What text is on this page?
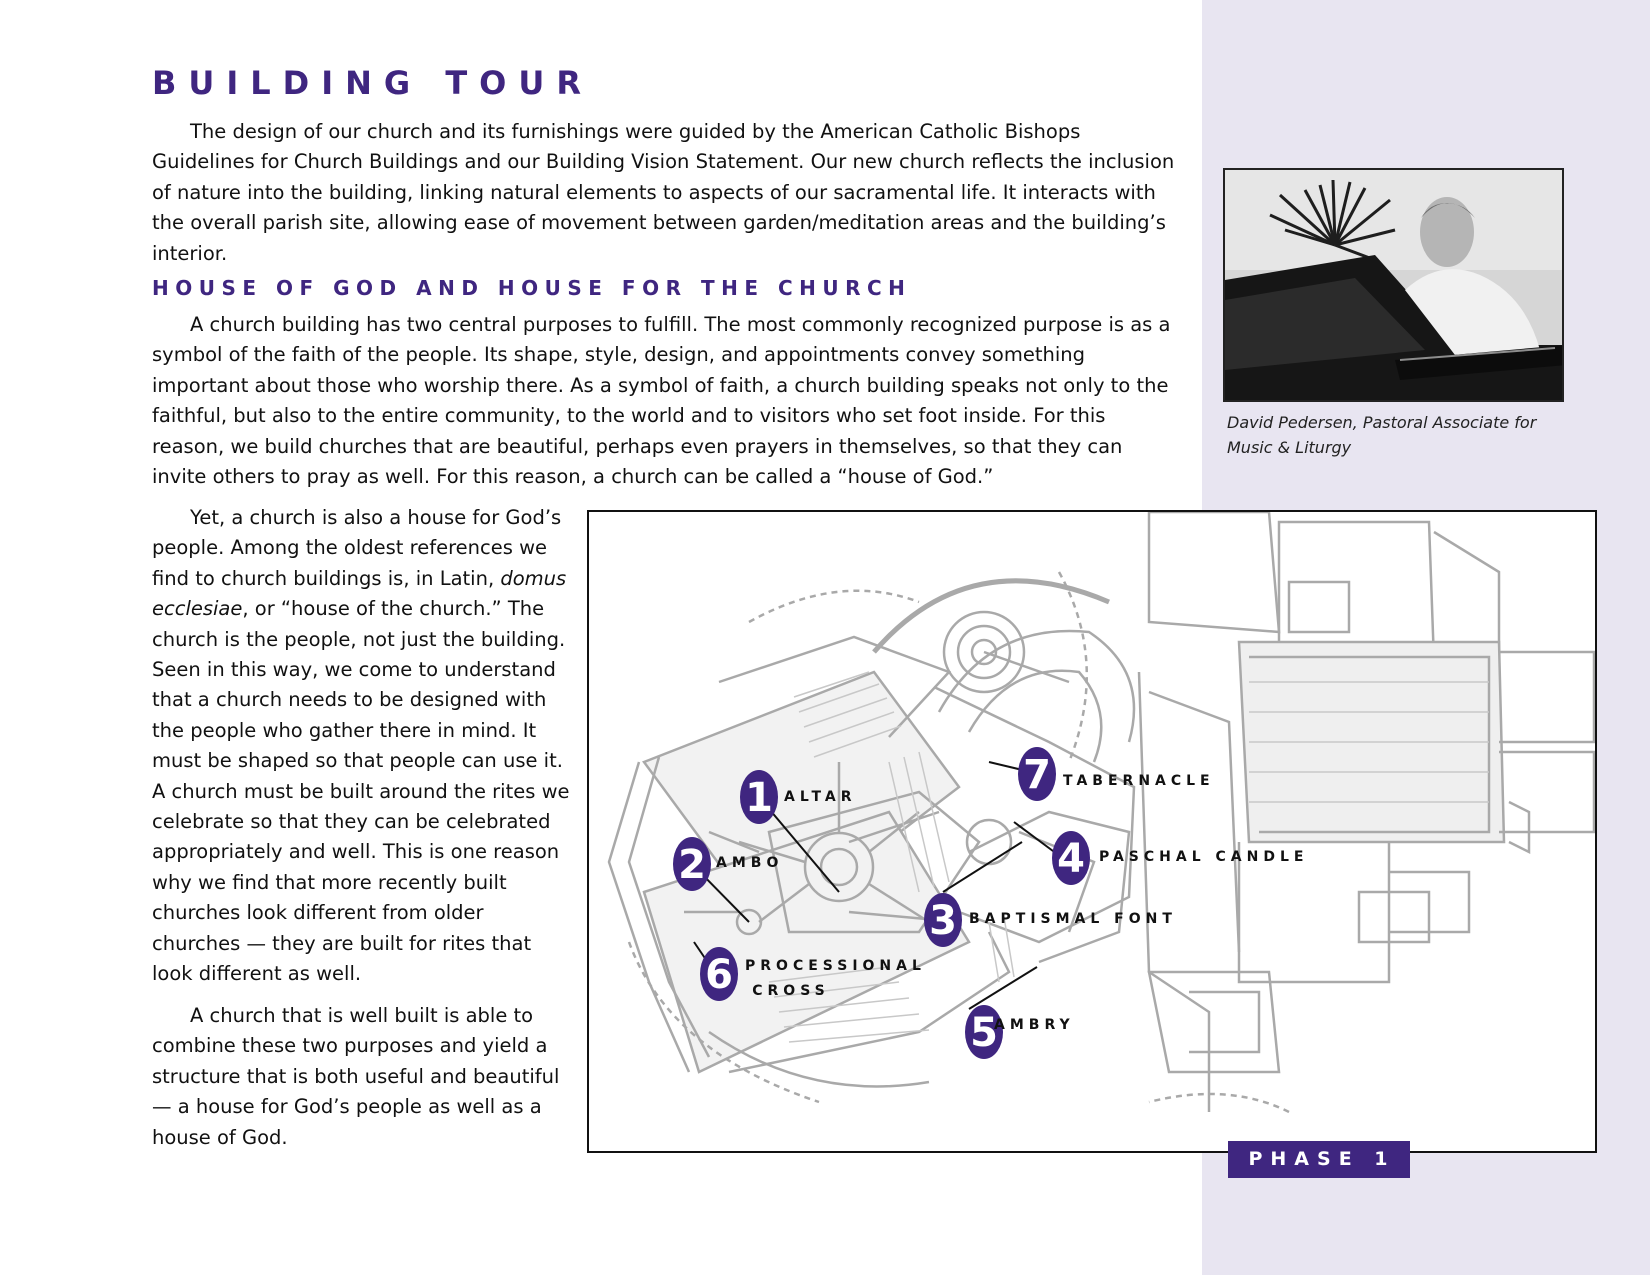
BUILDING TOUR

The design of our church and its furnishings were guided by the American Catholic Bishops Guidelines for Church Buildings and our Building Vision Statement. Our new church reflects the inclusion of nature into the building, linking natural elements to aspects of our sacramental life. It interacts with the overall parish site, allowing ease of movement between garden/meditation areas and the building’s interior.

HOUSE OF GOD AND HOUSE FOR THE CHURCH

A church building has two central purposes to fulfill. The most commonly recognized purpose is as a symbol of the faith of the people. Its shape, style, design, and appointments convey something important about those who worship there. As a symbol of faith, a church building speaks not only to the faithful, but also to the entire community, to the world and to visitors who set foot inside. For this reason, we build churches that are beautiful, perhaps even prayers in themselves, so that they can invite others to pray as well. For this reason, a church can be called a “house of God.”

Yet, a church is also a house for God’s people. Among the oldest references we find to church buildings is, in Latin, domus ecclesiae, or “house of the church.” The church is the people, not just the building. Seen in this way, we come to understand that a church needs to be designed with the people who gather there in mind. It must be shaped so that people can use it. A church must be built around the rites we celebrate so that they can be celebrated appropriately and well. This is one reason why we find that more recently built churches look different from older churches — they are built for rites that look different as well.

A church that is well built is able to combine these two purposes and yield a structure that is both useful and beautiful — a house for God’s people as well as a house of God.

David Pedersen, Pastoral Associate for Music & Liturgy

1
2
3
4
5
6
7
ALTAR
AMBO
BAPTISMAL FONT
PASCHAL CANDLE
AMBRY
PROCESSIONAL
CROSS
TABERNACLE
PHASE 1
